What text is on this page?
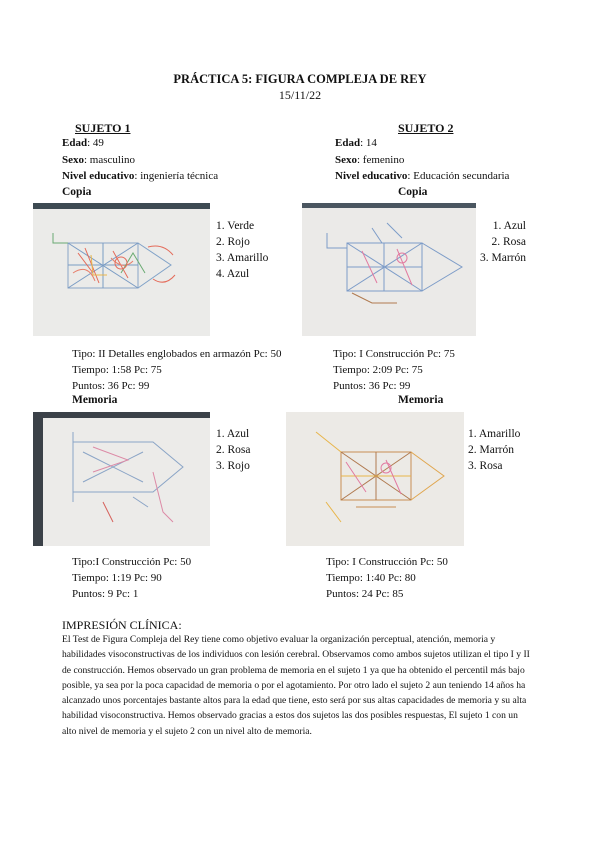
PRÁCTICA 5: FIGURA COMPLEJA DE REY
15/11/22
SUJETO 1
Edad: 49
Sexo: masculino
Nivel educativo: ingeniería técnica
Copia
SUJETO 2
Edad: 14
Sexo: femenino
Nivel educativo: Educación secundaria
Copia
1. Verde
2. Rojo
3. Amarillo
4. Azul
1. Azul
2. Rosa
3. Marrón
Tipo: II Detalles englobados en armazón Pc: 50
Tiempo: 1:58 Pc: 75
Puntos: 36 Pc: 99
Tipo: I Construcción Pc: 75
Tiempo: 2:09 Pc: 75
Puntos: 36 Pc: 99
Memoria	Memoria
1. Azul
2. Rosa
3. Rojo
1. Amarillo
2. Marrón
3. Rosa
Tipo:I Construcción Pc: 50
Tiempo: 1:19 Pc: 90
Puntos: 9 Pc: 1
Tipo: I Construcción Pc: 50
Tiempo: 1:40 Pc: 80
Puntos: 24 Pc: 85
IMPRESIÓN CLÍNICA:
El Test de Figura Compleja del Rey tiene como objetivo evaluar la organización perceptual, atención, memoria y habilidades visoconstructivas de los individuos con lesión cerebral. Observamos como ambos sujetos utilizan el tipo I y II de construcción. Hemos observado un gran problema de memoria en el sujeto 1 ya que ha obtenido el percentil más bajo posible, ya sea por la poca capacidad de memoria o por el agotamiento. Por otro lado el sujeto 2 aun teniendo 14 años ha alcanzado unos porcentajes bastante altos para la edad que tiene, esto será por sus altas capacidades de memoria y su alta habilidad visoconstructiva. Hemos observado gracias a estos dos sujetos las dos posibles respuestas, El sujeto 1 con un alto nivel de memoria y el sujeto 2 con un nivel alto de memoria.
